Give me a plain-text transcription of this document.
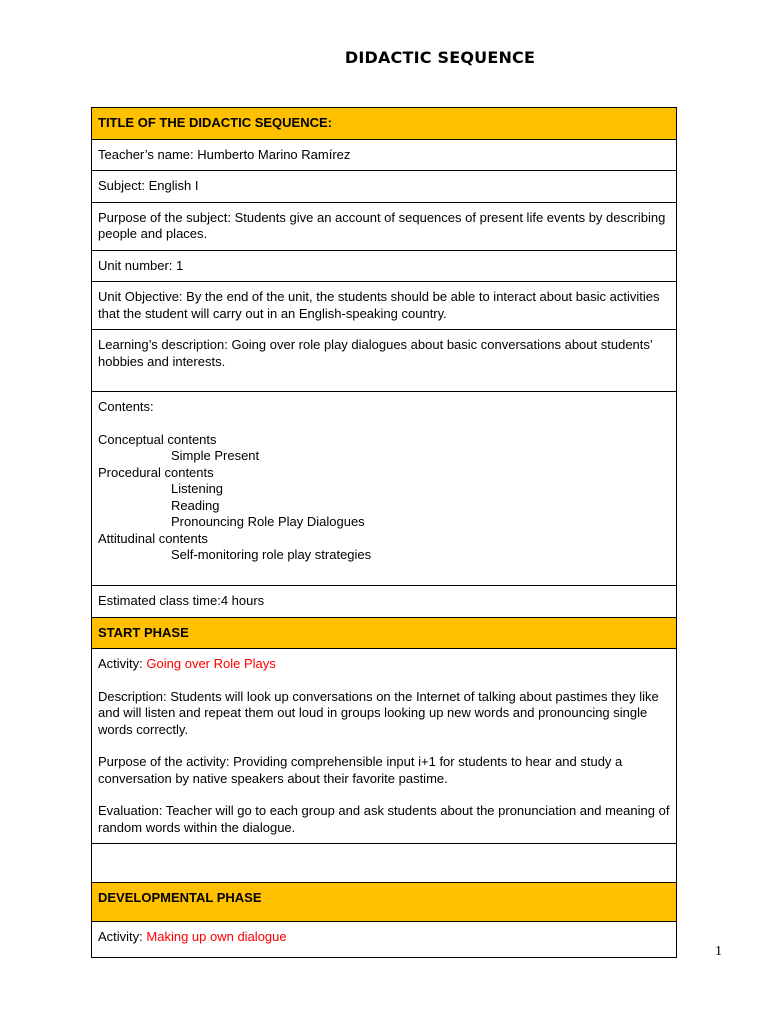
DIDACTIC SEQUENCE
TITLE OF THE DIDACTIC SEQUENCE:
Teacher’s name: Humberto Marino Ramírez
Subject: English I
Purpose of the subject: Students give an account of sequences of present life events by describing people and places.
Unit number: 1
Unit Objective: By the end of the unit, the students should be able to interact about basic activities that the student will carry out in an English-speaking country.
Learning’s description: Going over role play dialogues about basic conversations about students’ hobbies and interests.

Contents:
Conceptual contents
Simple Present
Procedural contents
Listening
Reading
Pronouncing Role Play Dialogues
Attitudinal contents
Self-monitoring role play strategies

Estimated class time:4 hours
START PHASE

Activity: Going over Role Plays
Description: Students will look up conversations on the Internet of talking about pastimes they like and will listen and repeat them out loud in groups looking up new words and pronouncing single words correctly.
Purpose of the activity: Providing comprehensible input i+1 for students to hear and study a conversation by native speakers about their favorite pastime.
Evaluation: Teacher will go to each group and ask students about the pronunciation and meaning of random words within the dialogue.

DEVELOPMENTAL PHASE
Activity: Making up own dialogue
1
